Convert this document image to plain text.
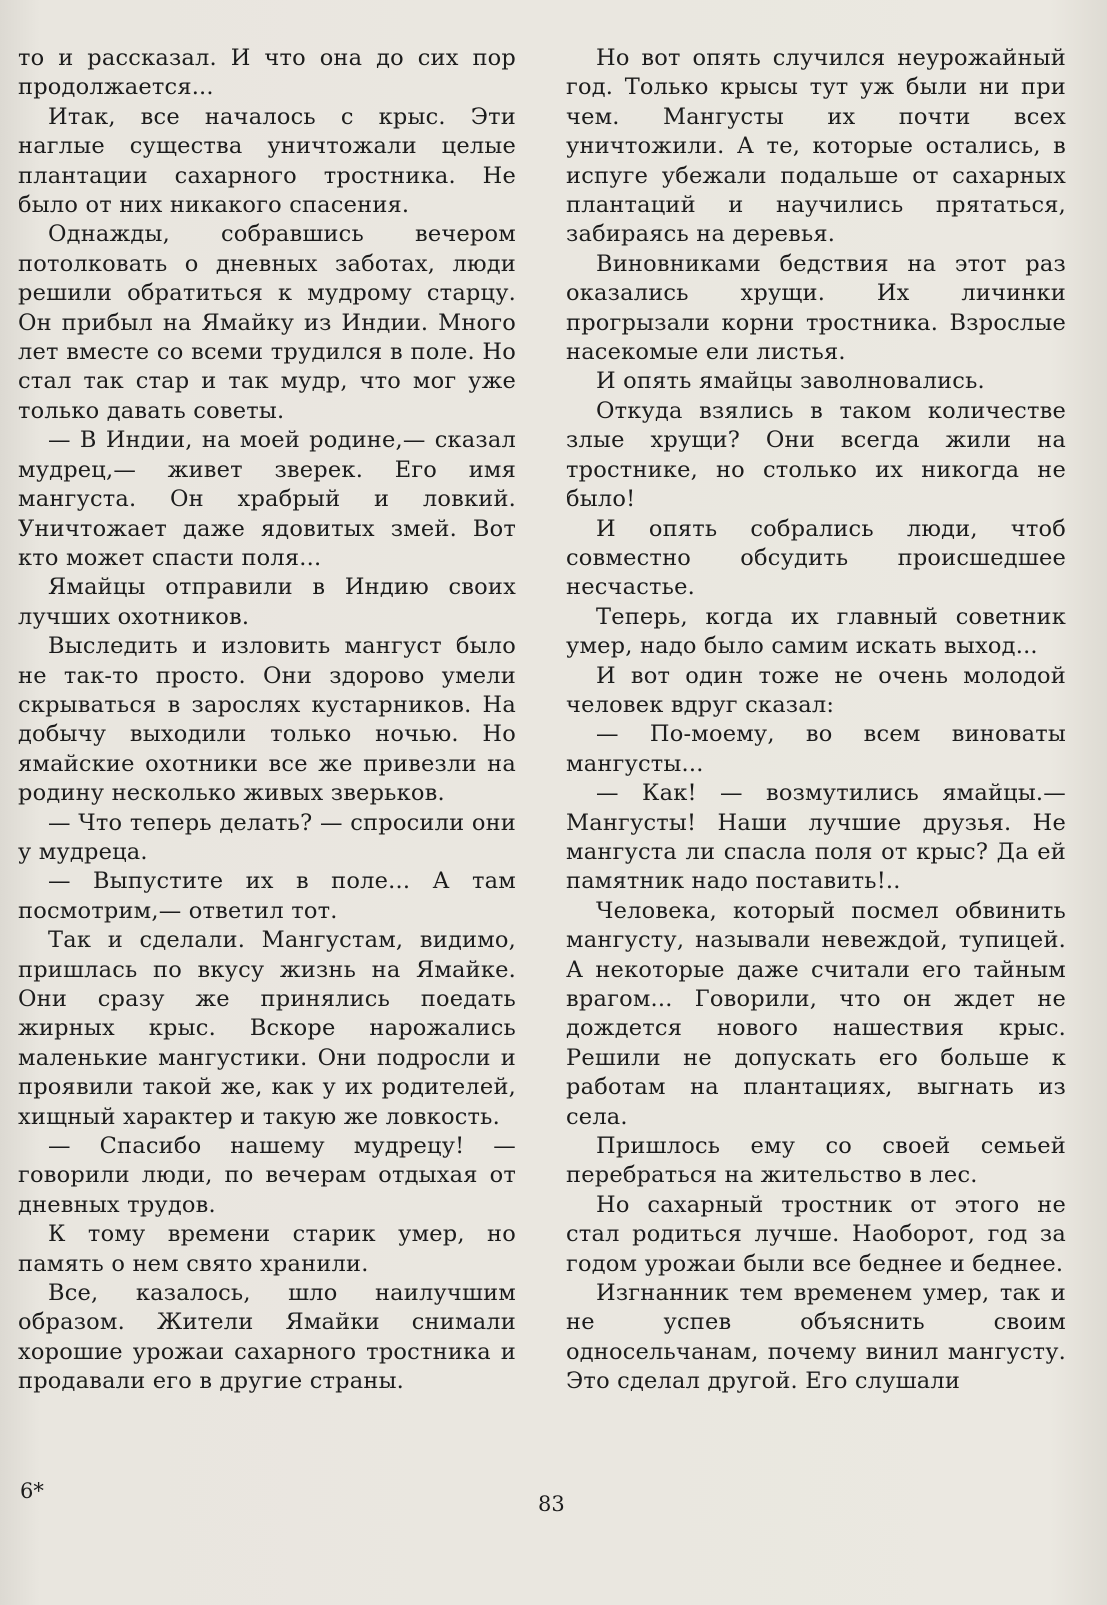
то и рассказал. И что она до сих пор продолжается...

Итак, все началось с крыс. Эти наглые существа уничтожали целые плантации сахарного тростника. Не было от них никакого спасения.

Однажды, собравшись вечером потолковать о дневных заботах, люди решили обратиться к мудрому старцу. Он прибыл на Ямайку из Индии. Много лет вместе со всеми трудился в поле. Но стал так стар и так мудр, что мог уже только давать советы.

— В Индии, на моей родине,— сказал мудрец,— живет зверек. Его имя мангуста. Он храбрый и ловкий. Уничтожает даже ядовитых змей. Вот кто может спасти поля...

Ямайцы отправили в Индию своих лучших охотников.

Выследить и изловить мангуст было не так-то просто. Они здорово умели скрываться в зарослях кустарников. На добычу выходили только ночью. Но ямайские охотники все же привезли на родину несколько живых зверьков.

— Что теперь делать? — спросили они у мудреца.

— Выпустите их в поле... А там посмотрим,— ответил тот.

Так и сделали. Мангустам, видимо, пришлась по вкусу жизнь на Ямайке. Они сразу же принялись поедать жирных крыс. Вскоре нарожались маленькие мангустики. Они подросли и проявили такой же, как у их родителей, хищный характер и такую же ловкость.

— Спасибо нашему мудрецу! — говорили люди, по вечерам отдыхая от дневных трудов.

К тому времени старик умер, но память о нем свято хранили.

Все, казалось, шло наилучшим образом. Жители Ямайки снимали хорошие урожаи сахарного тростника и продавали его в другие страны.

Но вот опять случился неурожайный год. Только крысы тут уж были ни при чем. Мангусты их почти всех уничтожили. А те, которые остались, в испуге убежали подальше от сахарных плантаций и научились прятаться, забираясь на деревья.

Виновниками бедствия на этот раз оказались хрущи. Их личинки прогрызали корни тростника. Взрослые насекомые ели листья.

И опять ямайцы заволновались.

Откуда взялись в таком количестве злые хрущи? Они всегда жили на тростнике, но столько их никогда не было!

И опять собрались люди, чтоб совместно обсудить происшедшее несчастье.

Теперь, когда их главный советник умер, надо было самим искать выход...

И вот один тоже не очень молодой человек вдруг сказал:

— По-моему, во всем виноваты мангусты...

— Как! — возмутились ямайцы.— Мангусты! Наши лучшие друзья. Не мангуста ли спасла поля от крыс? Да ей памятник надо поставить!..

Человека, который посмел обвинить мангусту, называли невеждой, тупицей. А некоторые даже считали его тайным врагом... Говорили, что он ждет не дождется нового нашествия крыс. Решили не допускать его больше к работам на плантациях, выгнать из села.

Пришлось ему со своей семьей перебраться на жительство в лес.

Но сахарный тростник от этого не стал родиться лучше. Наоборот, год за годом урожаи были все беднее и беднее.

Изгнанник тем временем умер, так и не успев объяснить своим односельчанам, почему винил мангусту. Это сделал другой. Его слушали

6*
83
